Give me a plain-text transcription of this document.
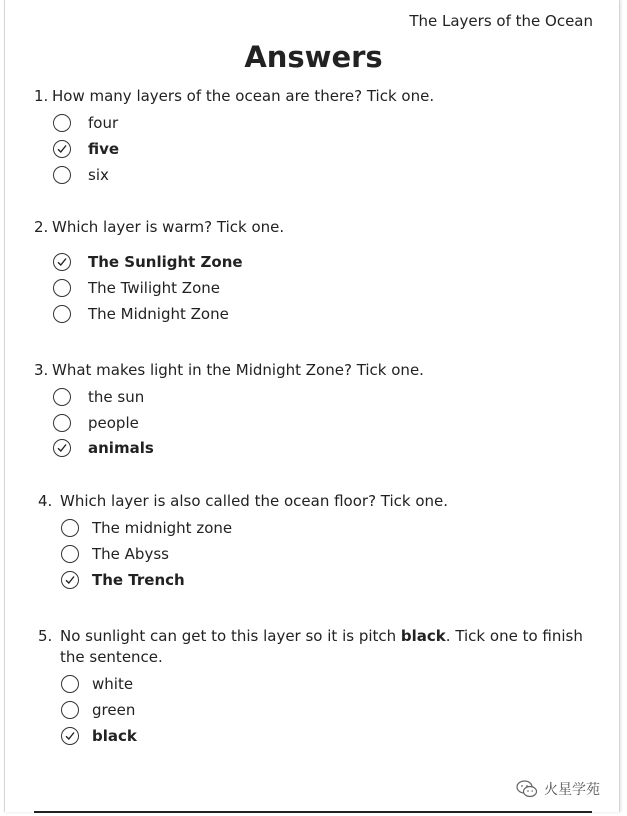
The Layers of the Ocean
Answers
1. How many layers of the ocean are there? Tick one.
four
five
six
2. Which layer is warm? Tick one.
The Sunlight Zone
The Twilight Zone
The Midnight Zone
3. What makes light in the Midnight Zone? Tick one.
the sun
people
animals
4. Which layer is also called the ocean floor? Tick one.
The midnight zone
The Abyss
The Trench
5. No sunlight can get to this layer so it is pitch black. Tick one to finish
the sentence.
white
green
black
火星学苑
